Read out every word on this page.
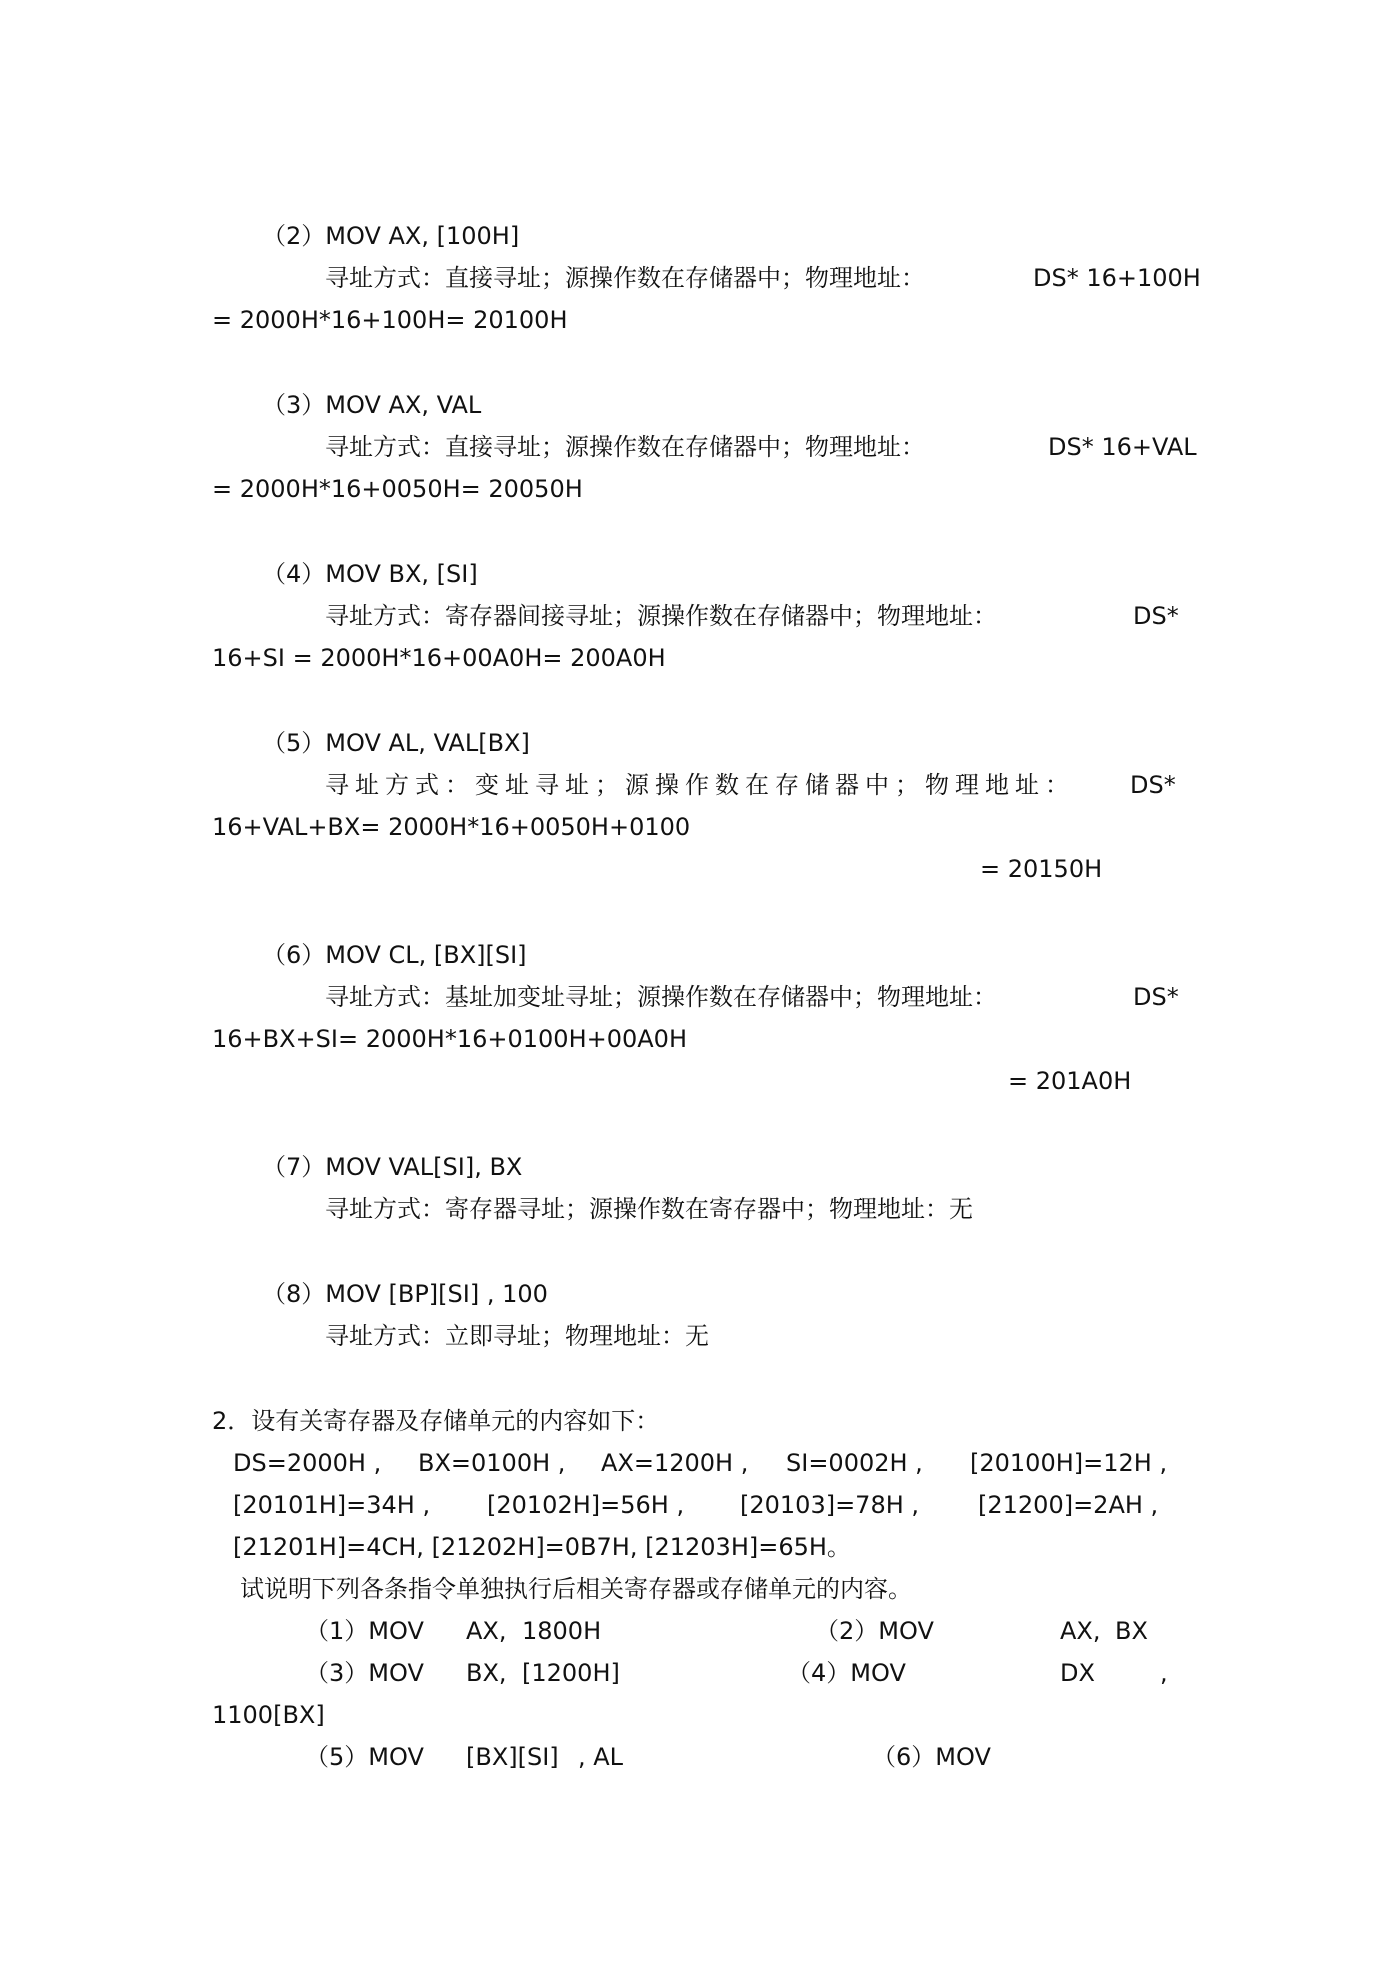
（2）MOV AX, [100H]
寻址方式：直接寻址；源操作数在存储器中；物理地址：	DS* 16+100H
= 2000H*16+100H= 20100H
（3）MOV AX, VAL
寻址方式：直接寻址；源操作数在存储器中；物理地址：	DS* 16+VAL
= 2000H*16+0050H= 20050H
（4）MOV BX, [SI]
寻址方式：寄存器间接寻址；源操作数在存储器中；物理地址：	DS*
16+SI = 2000H*16+00A0H= 200A0H
（5）MOV AL, VAL[BX]
寻址方式：变址寻址；源操作数在存储器中；物理地址： DS*
16+VAL+BX= 2000H*16+0050H+0100
= 20150H
（6）MOV CL, [BX][SI]
寻址方式：基址加变址寻址；源操作数在存储器中；物理地址：	DS*
16+BX+SI= 2000H*16+0100H+00A0H
= 201A0H
（7）MOV VAL[SI], BX
寻址方式：寄存器寻址；源操作数在寄存器中；物理地址：无
（8）MOV [BP][SI] , 100
寻址方式：立即寻址；物理地址：无
2．设有关寄存器及存储单元的内容如下：
DS=2000H , BX=0100H , AX=1200H , SI=0002H , [20100H]=12H ,
[20101H]=34H , [20102H]=56H , [20103]=78H , [21200]=2AH ,
[21201H]=4CH, [21202H]=0B7H, [21203H]=65H。
试说明下列各条指令单独执行后相关寄存器或存储单元的内容。
（1）MOV AX, 1800H	（2）MOV	AX, BX
（3）MOV BX, [1200H]	（4）MOV	DX	,
1100[BX]
（5）MOV [BX][SI] , AL	（6）MOV
